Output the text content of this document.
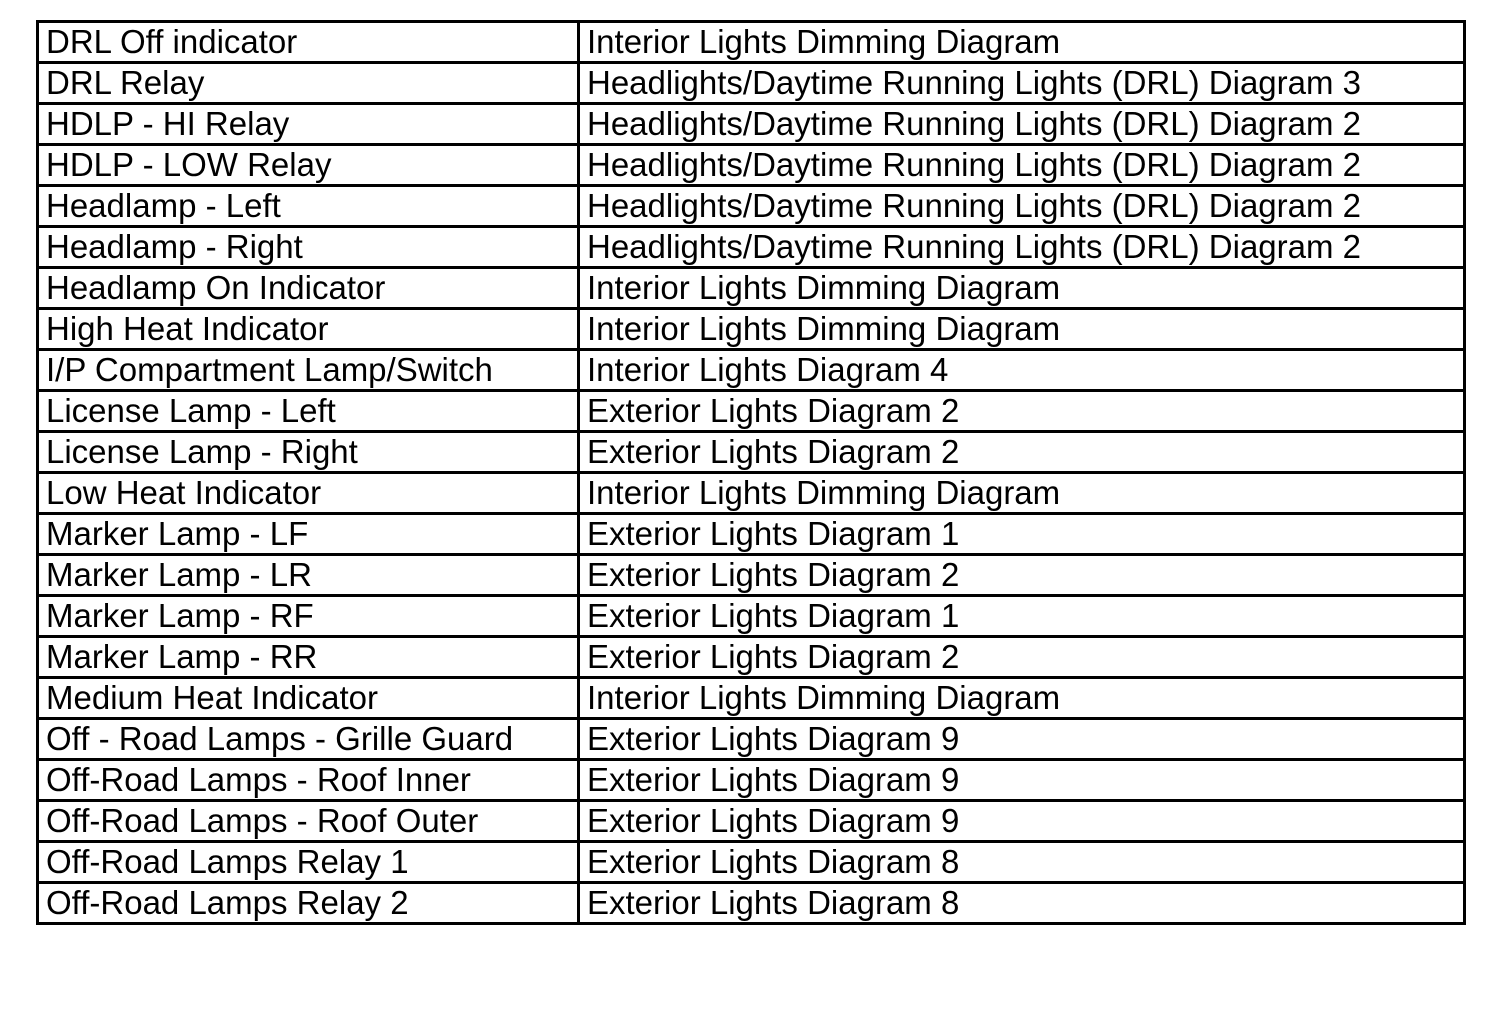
DRL Off indicator	Interior Lights Dimming Diagram
DRL Relay	Headlights/Daytime Running Lights (DRL) Diagram 3
HDLP - HI Relay	Headlights/Daytime Running Lights (DRL) Diagram 2
HDLP - LOW Relay	Headlights/Daytime Running Lights (DRL) Diagram 2
Headlamp - Left	Headlights/Daytime Running Lights (DRL) Diagram 2
Headlamp - Right	Headlights/Daytime Running Lights (DRL) Diagram 2
Headlamp On Indicator	Interior Lights Dimming Diagram
High Heat Indicator	Interior Lights Dimming Diagram
I/P Compartment Lamp/Switch	Interior Lights Diagram 4
License Lamp - Left	Exterior Lights Diagram 2
License Lamp - Right	Exterior Lights Diagram 2
Low Heat Indicator	Interior Lights Dimming Diagram
Marker Lamp - LF	Exterior Lights Diagram 1
Marker Lamp - LR	Exterior Lights Diagram 2
Marker Lamp - RF	Exterior Lights Diagram 1
Marker Lamp - RR	Exterior Lights Diagram 2
Medium Heat Indicator	Interior Lights Dimming Diagram
Off - Road Lamps - Grille Guard	Exterior Lights Diagram 9
Off-Road Lamps - Roof Inner	Exterior Lights Diagram 9
Off-Road Lamps - Roof Outer	Exterior Lights Diagram 9
Off-Road Lamps Relay 1	Exterior Lights Diagram 8
Off-Road Lamps Relay 2	Exterior Lights Diagram 8
